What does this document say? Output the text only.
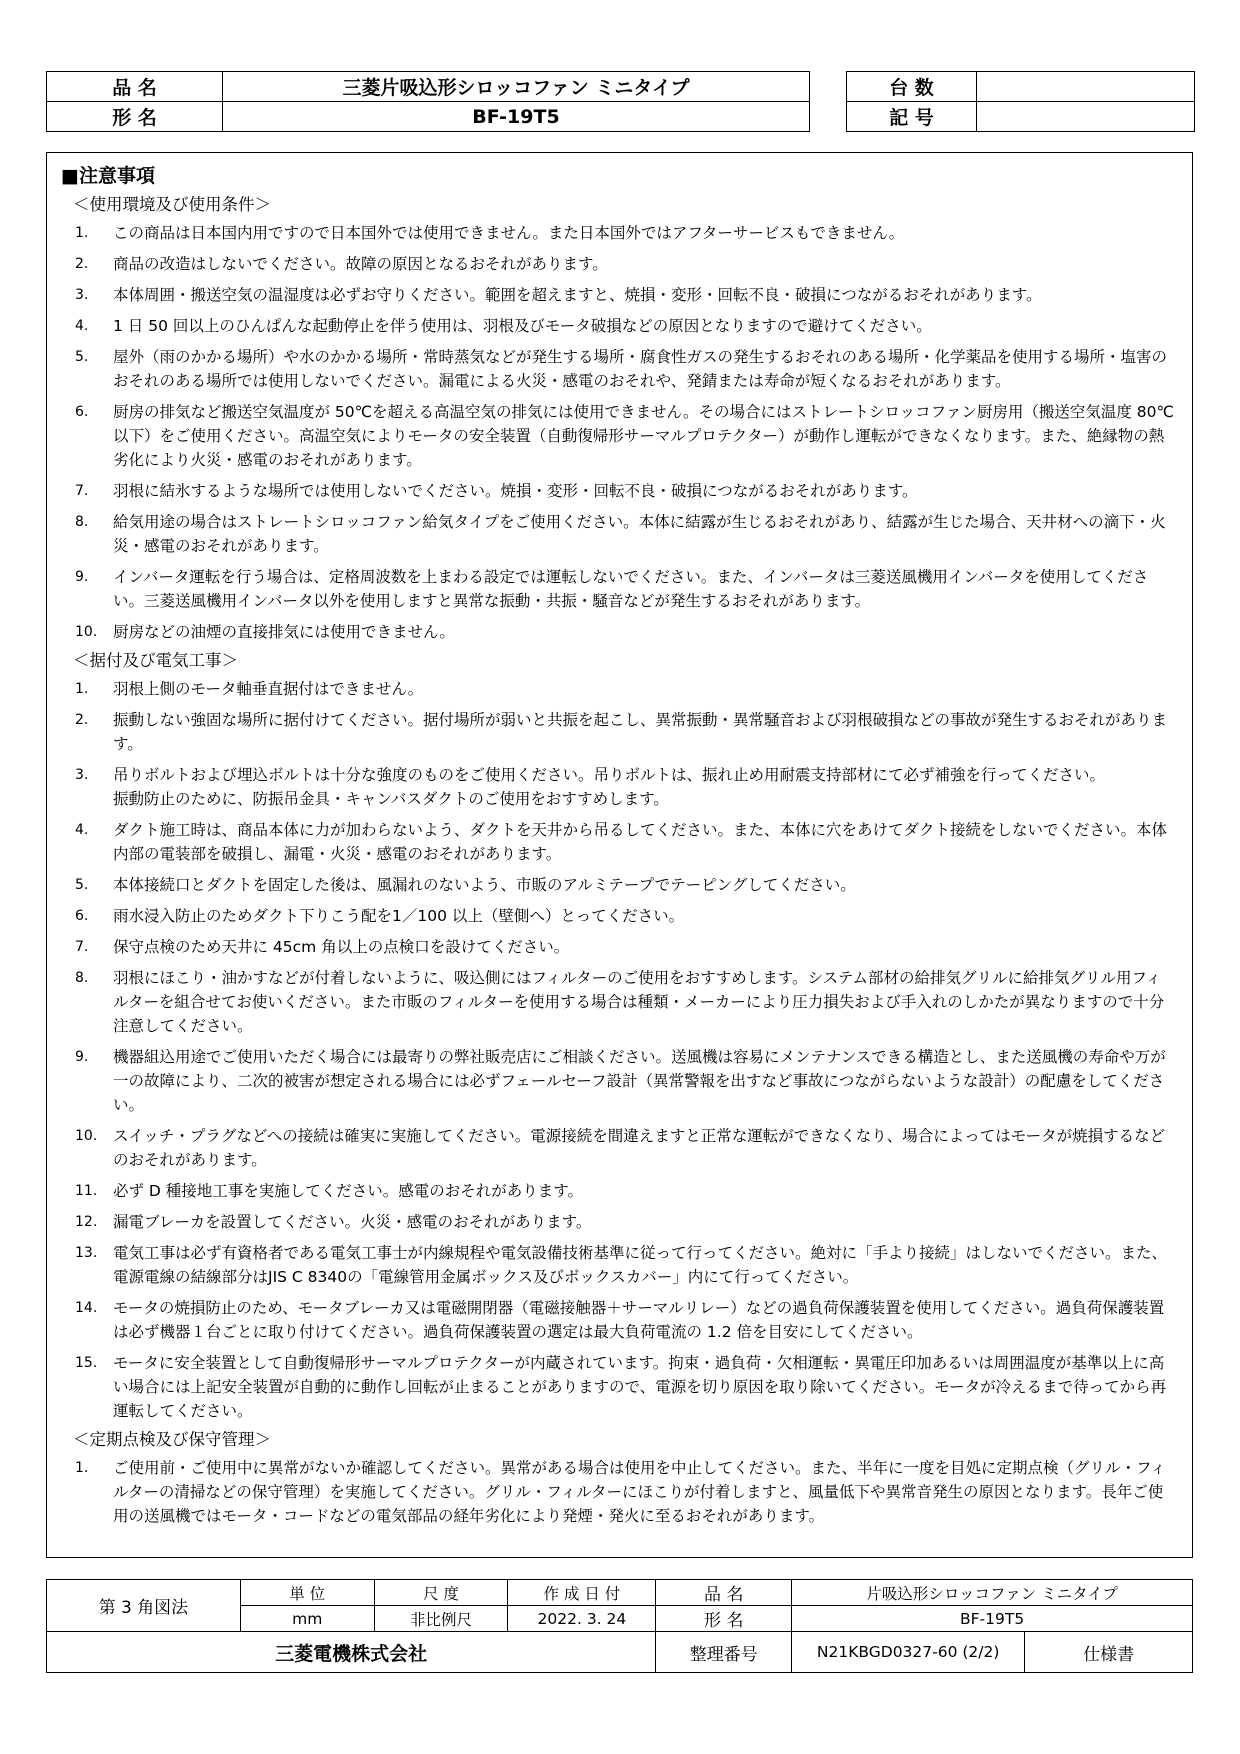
品 名	三菱片吸込形シロッコファン ミニタイプ
形 名	BF-19T5
台 数	
記 号	
■注意事項
＜使用環境及び使用条件＞
1. この商品は日本国内用ですので日本国外では使用できません。また日本国外ではアフターサービスもできません。
2. 商品の改造はしないでください。故障の原因となるおそれがあります。
3. 本体周囲・搬送空気の温湿度は必ずお守りください。範囲を超えますと、焼損・変形・回転不良・破損につながるおそれがあります。
4. 1 日 50 回以上のひんぱんな起動停止を伴う使用は、羽根及びモータ破損などの原因となりますので避けてください。
5. 屋外（雨のかかる場所）や水のかかる場所・常時蒸気などが発生する場所・腐食性ガスの発生するおそれのある場所・化学薬品を使用する場所・塩害のおそれのある場所では使用しないでください。漏電による火災・感電のおそれや、発錆または寿命が短くなるおそれがあります。
6. 厨房の排気など搬送空気温度が 50℃を超える高温空気の排気には使用できません。その場合にはストレートシロッコファン厨房用（搬送空気温度 80℃以下）をご使用ください。高温空気によりモータの安全装置（自動復帰形サーマルプロテクター）が動作し運転ができなくなります。また、絶縁物の熱劣化により火災・感電のおそれがあります。
7. 羽根に結氷するような場所では使用しないでください。焼損・変形・回転不良・破損につながるおそれがあります。
8. 給気用途の場合はストレートシロッコファン給気タイプをご使用ください。本体に結露が生じるおそれがあり、結露が生じた場合、天井材への滴下・火災・感電のおそれがあります。
9. インバータ運転を行う場合は、定格周波数を上まわる設定では運転しないでください。また、インバータは三菱送風機用インバータを使用してください。三菱送風機用インバータ以外を使用しますと異常な振動・共振・騒音などが発生するおそれがあります。
10. 厨房などの油煙の直接排気には使用できません。
＜据付及び電気工事＞
1. 羽根上側のモータ軸垂直据付はできません。
2. 振動しない強固な場所に据付けてください。据付場所が弱いと共振を起こし、異常振動・異常騒音および羽根破損などの事故が発生するおそれがあります。
3. 吊りボルトおよび埋込ボルトは十分な強度のものをご使用ください。吊りボルトは、振れ止め用耐震支持部材にて必ず補強を行ってください。
振動防止のために、防振吊金具・キャンバスダクトのご使用をおすすめします。
4. ダクト施工時は、商品本体に力が加わらないよう、ダクトを天井から吊るしてください。また、本体に穴をあけてダクト接続をしないでください。本体内部の電装部を破損し、漏電・火災・感電のおそれがあります。
5. 本体接続口とダクトを固定した後は、風漏れのないよう、市販のアルミテープでテーピングしてください。
6. 雨水浸入防止のためダクト下りこう配を1／100 以上（壁側へ）とってください。
7. 保守点検のため天井に 45cm 角以上の点検口を設けてください。
8. 羽根にほこり・油かすなどが付着しないように、吸込側にはフィルターのご使用をおすすめします。システム部材の給排気グリルに給排気グリル用フィルターを組合せてお使いください。また市販のフィルターを使用する場合は種類・メーカーにより圧力損失および手入れのしかたが異なりますので十分注意してください。
9. 機器組込用途でご使用いただく場合には最寄りの弊社販売店にご相談ください。送風機は容易にメンテナンスできる構造とし、また送風機の寿命や万が一の故障により、二次的被害が想定される場合には必ずフェールセーフ設計（異常警報を出すなど事故につながらないような設計）の配慮をしてください。
10. スイッチ・プラグなどへの接続は確実に実施してください。電源接続を間違えますと正常な運転ができなくなり、場合によってはモータが焼損するなどのおそれがあります。
11. 必ず D 種接地工事を実施してください。感電のおそれがあります。
12. 漏電ブレーカを設置してください。火災・感電のおそれがあります。
13. 電気工事は必ず有資格者である電気工事士が内線規程や電気設備技術基準に従って行ってください。絶対に「手より接続」はしないでください。また、電源電線の結線部分はJIS C 8340の「電線管用金属ボックス及びボックスカバー」内にて行ってください。
14. モータの焼損防止のため、モータブレーカ又は電磁開閉器（電磁接触器＋サーマルリレー）などの過負荷保護装置を使用してください。過負荷保護装置は必ず機器１台ごとに取り付けてください。過負荷保護装置の選定は最大負荷電流の 1.2 倍を目安にしてください。
15. モータに安全装置として自動復帰形サーマルプロテクターが内蔵されています。拘束・過負荷・欠相運転・異電圧印加あるいは周囲温度が基準以上に高い場合には上記安全装置が自動的に動作し回転が止まることがありますので、電源を切り原因を取り除いてください。モータが冷えるまで待ってから再運転してください。
＜定期点検及び保守管理＞
1. ご使用前・ご使用中に異常がないか確認してください。異常がある場合は使用を中止してください。また、半年に一度を目処に定期点検（グリル・フィルターの清掃などの保守管理）を実施してください。グリル・フィルターにほこりが付着しますと、風量低下や異常音発生の原因となります。長年ご使用の送風機ではモータ・コードなどの電気部品の経年劣化により発煙・発火に至るおそれがあります。
第 3 角図法	単 位	尺 度	作 成 日 付	品 名	片吸込形シロッコファン ミニタイプ
	mm	非比例尺	2022. 3. 24	形 名	BF-19T5
三菱電機株式会社				整理番号	N21KBGD0327-60 (2/2) 仕様書
